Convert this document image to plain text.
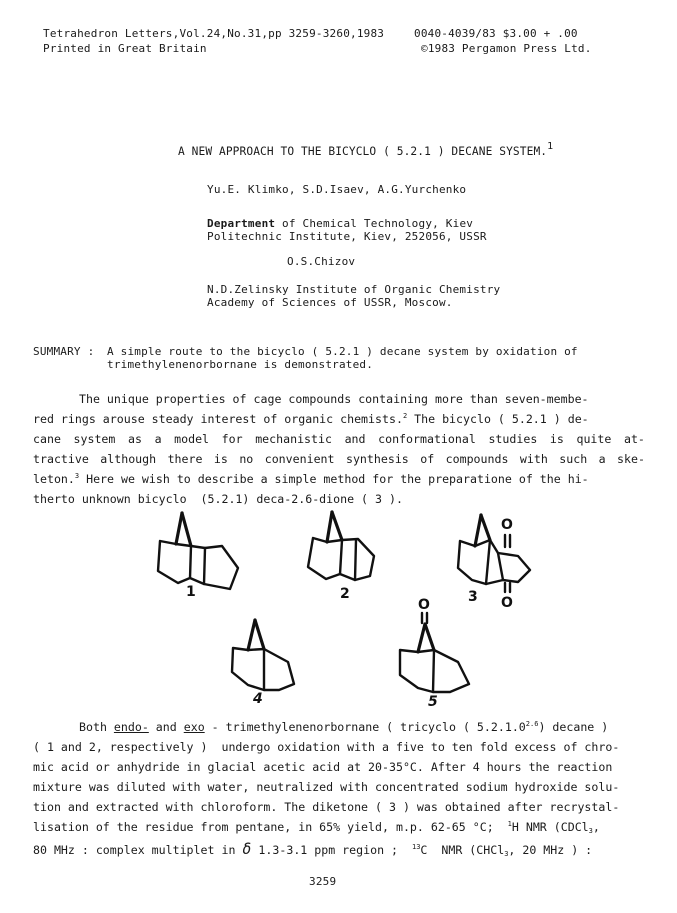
Tetrahedron Letters,Vol.24,No.31,pp 3259-3260,1983	0040-4039/83 $3.00 + .00
Printed in Great Britain	©1983 Pergamon Press Ltd.
A NEW APPROACH TO THE BICYCLO ( 5.2.1 ) DECANE SYSTEM.$^1$
Yu.E. Klimko, S.D.Isaev, A.G.Yurchenko
Department of Chemical Technology, Kiev
Politechnic Institute, Kiev, 252056, USSR
O.S.Chizov
N.D.Zelinsky Institute of Organic Chemistry
Academy of Sciences of USSR, Moscow.
SUMMARY : A simple route to the bicyclo ( 5.2.1 ) decane system by oxidation of
trimethylenenorbornane is demonstrated.
The unique properties of cage compounds containing more than seven-membe-
red rings arouse steady interest of organic chemists.$^2$ The bicyclo ( 5.2.1 ) de-
cane system as a model for mechanistic and conformational studies is quite at-
tractive although there is no convenient synthesis of compounds with such a ske-
leton.$^3$ Here we wish to describe a simple method for the preparatione of the hi-
therto unknown bicyclo  (5.2.1) deca-2.6-dione ( 3 ).
1	2
O
O
3
4
O
5
Both endo- and exo - trimethylenenorbornane ( tricyclo ( $5.2.1.0^{2.6}$) decane )
( 1 and 2, respectively )  undergo oxidation with a five to ten fold excess of chro-
mic acid or anhydride in glacial acetic acid at 20-35°C. After 4 hours the reaction
mixture was diluted with water, neutralized with concentrated sodium hydroxide solu-
tion and extracted with chloroform. The diketone ( 3 ) was obtained after recrystal-
lisation of the residue from pentane, in 65% yield, m.p. 62-65 °C;  $^1$H NMR (CDCl$_3$,
80 MHz : complex multiplet in δ 1.3-3.1 ppm region ;  $^{13}$C  NMR (CHCl$_3$, 20 MHz ) :
3259
